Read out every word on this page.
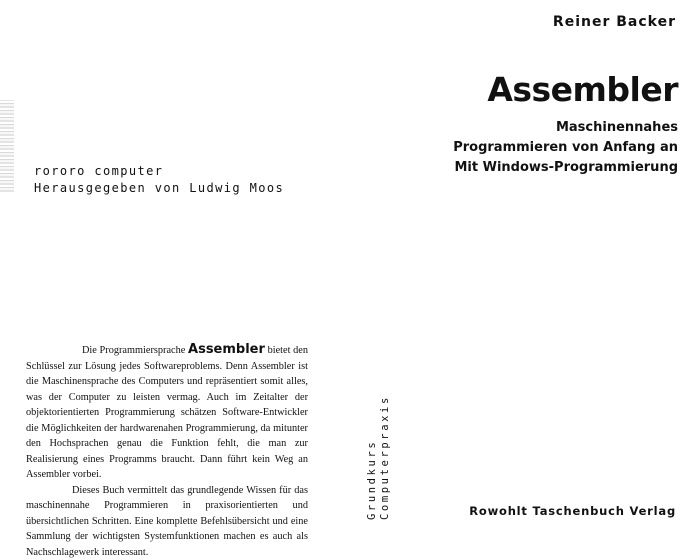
Reiner Backer
Assembler
Maschinennahes
Programmieren von Anfang an
Mit Windows-Programmierung
rororo computer
Herausgegeben von Ludwig Moos

Die Programmiersprache Assembler bietet den Schlüssel zur Lösung jedes Softwareproblems. Denn Assembler ist die Maschinensprache des Computers und repräsentiert somit alles, was der Computer zu leisten vermag. Auch im Zeitalter der objektorientierten Programmierung schätzen Software-Entwickler die Möglichkeiten der hardwarenahen Programmierung, da mitunter den Hochsprachen genau die Funktion fehlt, die man zur Realisierung eines Programms braucht. Dann führt kein Weg an Assembler vorbei.

Dieses Buch vermittelt das grundlegende Wissen für das maschinennahe Programmieren in praxisorientierten und übersichtlichen Schritten. Eine komplette Befehlsübersicht und eine Sammlung der wichtigsten Systemfunktionen machen es auch als Nachschlagewerk interessant.

Grundkurs Computerpraxis	Rowohlt Taschenbuch Verlag
